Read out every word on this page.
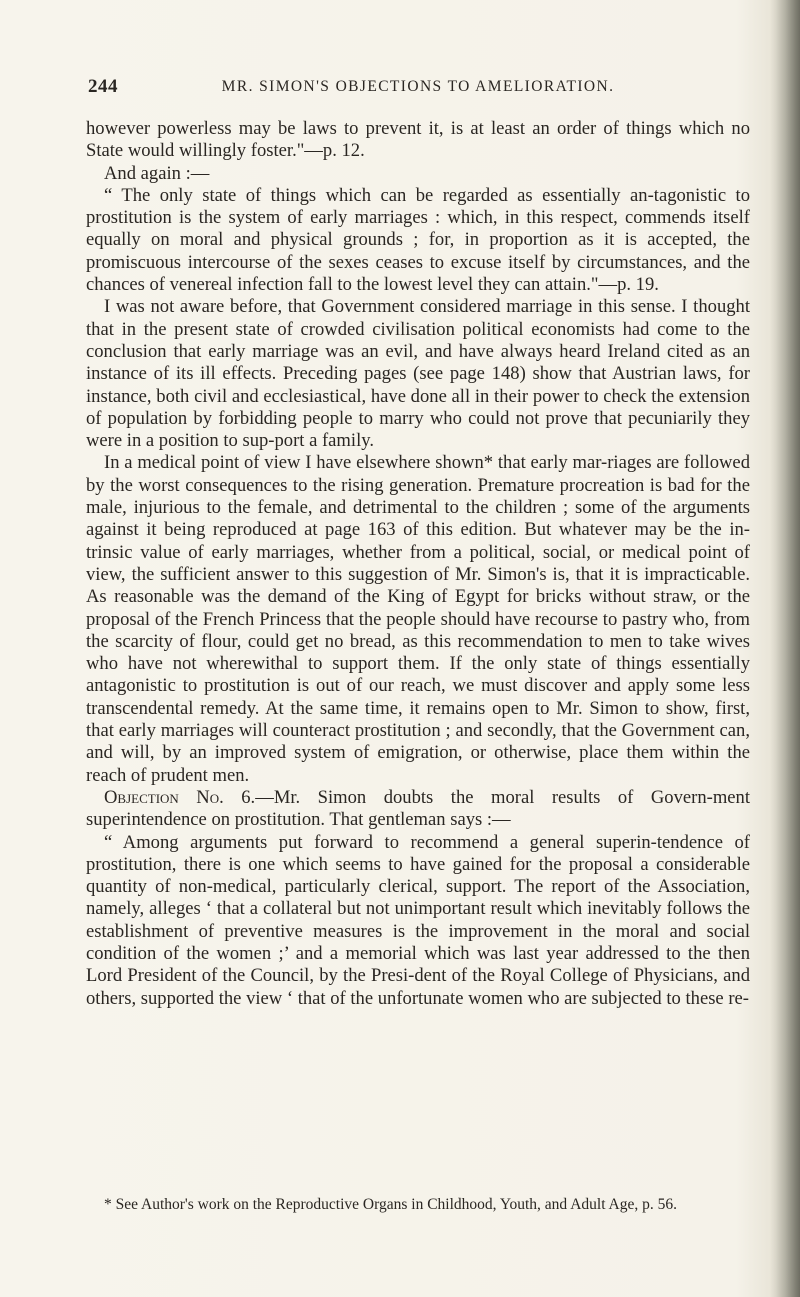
244	MR. SIMON'S OBJECTIONS TO AMELIORATION.

however powerless may be laws to prevent it, is at least an order of things which no State would willingly foster."—p. 12.

And again :—

“ The only state of things which can be regarded as essentially an-tagonistic to prostitution is the system of early marriages : which, in this respect, commends itself equally on moral and physical grounds ; for, in proportion as it is accepted, the promiscuous intercourse of the sexes ceases to excuse itself by circumstances, and the chances of venereal infection fall to the lowest level they can attain."—p. 19.

I was not aware before, that Government considered marriage in this sense. I thought that in the present state of crowded civilisation political economists had come to the conclusion that early marriage was an evil, and have always heard Ireland cited as an instance of its ill effects. Preceding pages (see page 148) show that Austrian laws, for instance, both civil and ecclesiastical, have done all in their power to check the extension of population by forbidding people to marry who could not prove that pecuniarily they were in a position to sup-port a family.

In a medical point of view I have elsewhere shown* that early mar-riages are followed by the worst consequences to the rising generation. Premature procreation is bad for the male, injurious to the female, and detrimental to the children ; some of the arguments against it being reproduced at page 163 of this edition. But whatever may be the in-trinsic value of early marriages, whether from a political, social, or medical point of view, the sufficient answer to this suggestion of Mr. Simon's is, that it is impracticable. As reasonable was the demand of the King of Egypt for bricks without straw, or the proposal of the French Princess that the people should have recourse to pastry who, from the scarcity of flour, could get no bread, as this recommendation to men to take wives who have not wherewithal to support them. If the only state of things essentially antagonistic to prostitution is out of our reach, we must discover and apply some less transcendental remedy. At the same time, it remains open to Mr. Simon to show, first, that early marriages will counteract prostitution ; and secondly, that the Government can, and will, by an improved system of emigration, or otherwise, place them within the reach of prudent men.

Objection No. 6.—Mr. Simon doubts the moral results of Govern-ment superintendence on prostitution. That gentleman says :—

“ Among arguments put forward to recommend a general superin-tendence of prostitution, there is one which seems to have gained for the proposal a considerable quantity of non-medical, particularly clerical, support. The report of the Association, namely, alleges ‘ that a collateral but not unimportant result which inevitably follows the establishment of preventive measures is the improvement in the moral and social condition of the women ;’ and a memorial which was last year addressed to the then Lord President of the Council, by the Presi-dent of the Royal College of Physicians, and others, supported the view ‘ that of the unfortunate women who are subjected to these re-

* See Author's work on the Reproductive Organs in Childhood, Youth, and Adult Age, p. 56.
